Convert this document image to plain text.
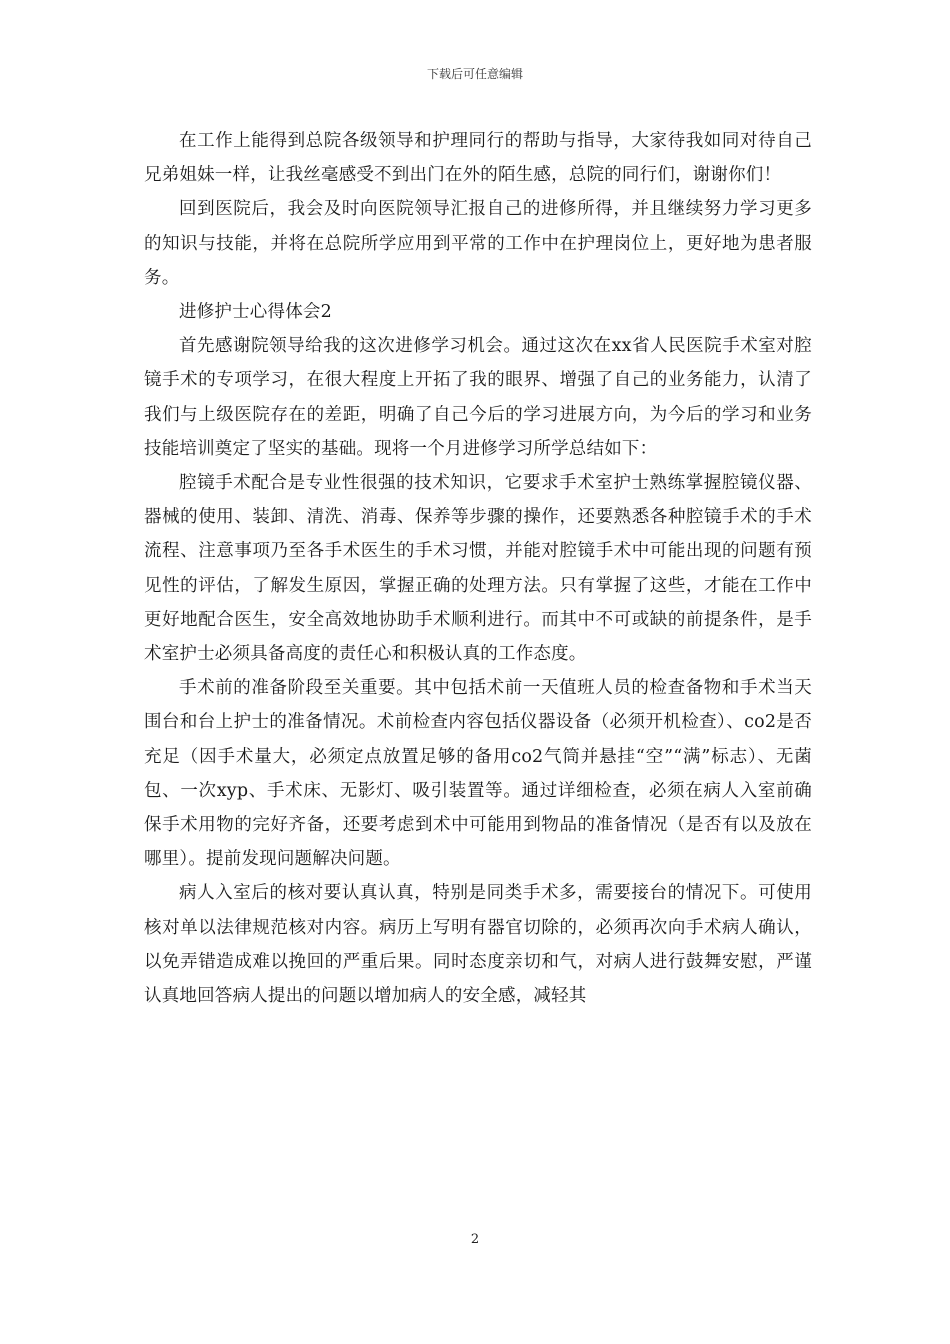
下载后可任意编辑

在工作上能得到总院各级领导和护理同行的帮助与指导，大家待我如同对待自己兄弟姐妹一样，让我丝毫感受不到出门在外的陌生感，总院的同行们，谢谢你们！

回到医院后，我会及时向医院领导汇报自己的进修所得，并且继续努力学习更多的知识与技能，并将在总院所学应用到平常的工作中在护理岗位上，更好地为患者服务。

进修护士心得体会2

首先感谢院领导给我的这次进修学习机会。通过这次在xx省人民医院手术室对腔镜手术的专项学习，在很大程度上开拓了我的眼界、增强了自己的业务能力，认清了我们与上级医院存在的差距，明确了自己今后的学习进展方向，为今后的学习和业务技能培训奠定了坚实的基础。现将一个月进修学习所学总结如下：

腔镜手术配合是专业性很强的技术知识，它要求手术室护士熟练掌握腔镜仪器、器械的使用、装卸、清洗、消毒、保养等步骤的操作，还要熟悉各种腔镜手术的手术流程、注意事项乃至各手术医生的手术习惯，并能对腔镜手术中可能出现的问题有预见性的评估，了解发生原因，掌握正确的处理方法。只有掌握了这些，才能在工作中更好地配合医生，安全高效地协助手术顺利进行。而其中不可或缺的前提条件，是手术室护士必须具备高度的责任心和积极认真的工作态度。

手术前的准备阶段至关重要。其中包括术前一天值班人员的检查备物和手术当天围台和台上护士的准备情况。术前检查内容包括仪器设备（必须开机检查）、co2是否充足（因手术量大，必须定点放置足够的备用co2气筒并悬挂“空”“满”标志）、无菌包、一次xyp、手术床、无影灯、吸引装置等。通过详细检查，必须在病人入室前确保手术用物的完好齐备，还要考虑到术中可能用到物品的准备情况（是否有以及放在哪里）。提前发现问题解决问题。

病人入室后的核对要认真认真，特别是同类手术多，需要接台的情况下。可使用核对单以法律规范核对内容。病历上写明有器官切除的，必须再次向手术病人确认，以免弄错造成难以挽回的严重后果。同时态度亲切和气，对病人进行鼓舞安慰，严谨认真地回答病人提出的问题以增加病人的安全感，减轻其

2
